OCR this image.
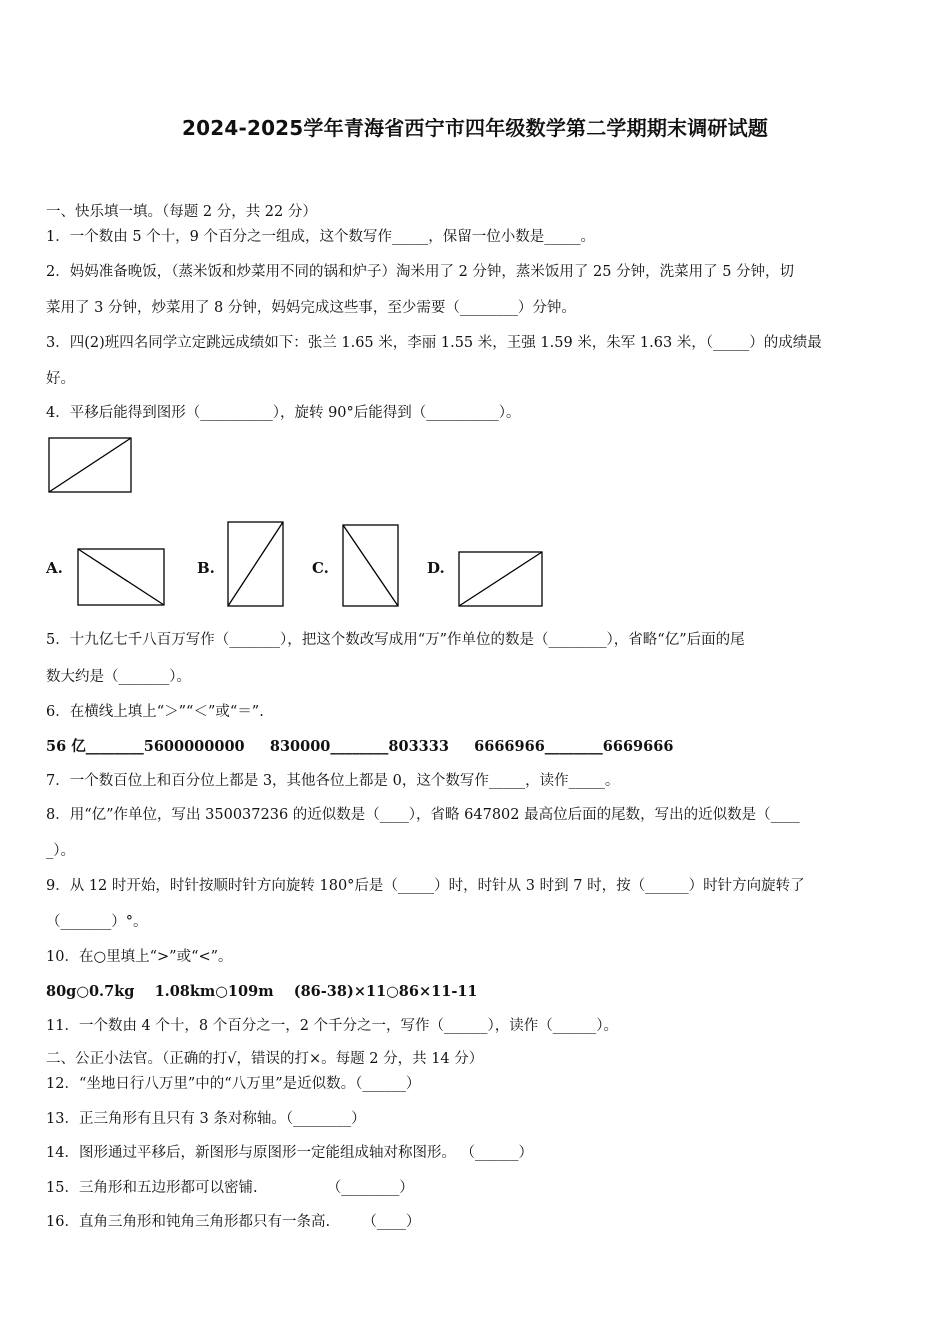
2024-2025学年青海省西宁市四年级数学第二学期期末调研试题
一、快乐填一填。（每题 2 分，共 22 分）
1．一个数由 5 个十，9 个百分之一组成，这个数写作_____，保留一位小数是_____。
2．妈妈准备晚饭，（蒸米饭和炒菜用不同的锅和炉子）淘米用了 2 分钟，蒸米饭用了 25 分钟，洗菜用了 5 分钟，切
菜用了 3 分钟，炒菜用了 8 分钟，妈妈完成这些事，至少需要（________）分钟。
3．四(2)班四名同学立定跳远成绩如下：张兰 1.65 米，李丽 1.55 米，王强 1.59 米，朱军 1.63 米，（_____）的成绩最
好。
4．平移后能得到图形（__________），旋转 90°后能得到（__________）。
A.	B.	C.	D.
5．十九亿七千八百万写作（_______），把这个数改写成用“万”作单位的数是（________），省略“亿”后面的尾
数大约是（_______）。
6．在横线上填上“＞”“＜”或“＝”.
56 亿________5600000000     830000________803333     6666966________6669666
7．一个数百位上和百分位上都是 3，其他各位上都是 0，这个数写作_____，读作_____。
8．用“亿”作单位，写出 350037236 的近似数是（____），省略 647802 最高位后面的尾数，写出的近似数是（____
_）。
9．从 12 时开始，时针按顺时针方向旋转 180°后是（_____）时，时针从 3 时到 7 时，按（______）时针方向旋转了
（_______）°。
10．在○里填上“>”或“<”。
80g○0.7kg    1.08km○109m    (86-38)×11○86×11-11
11．一个数由 4 个十，8 个百分之一，2 个千分之一，写作（______），读作（______）。
二、公正小法官。（正确的打√，错误的打×。每题 2 分，共 14 分）
12．“坐地日行八万里”中的“八万里”是近似数。（______）
13．正三角形有且只有 3 条对称轴。（________）
14．图形通过平移后，新图形与原图形一定能组成轴对称图形。 （______）
15．三角形和五边形都可以密铺.               （________）
16．直角三角形和钝角三角形都只有一条高.       （____）
